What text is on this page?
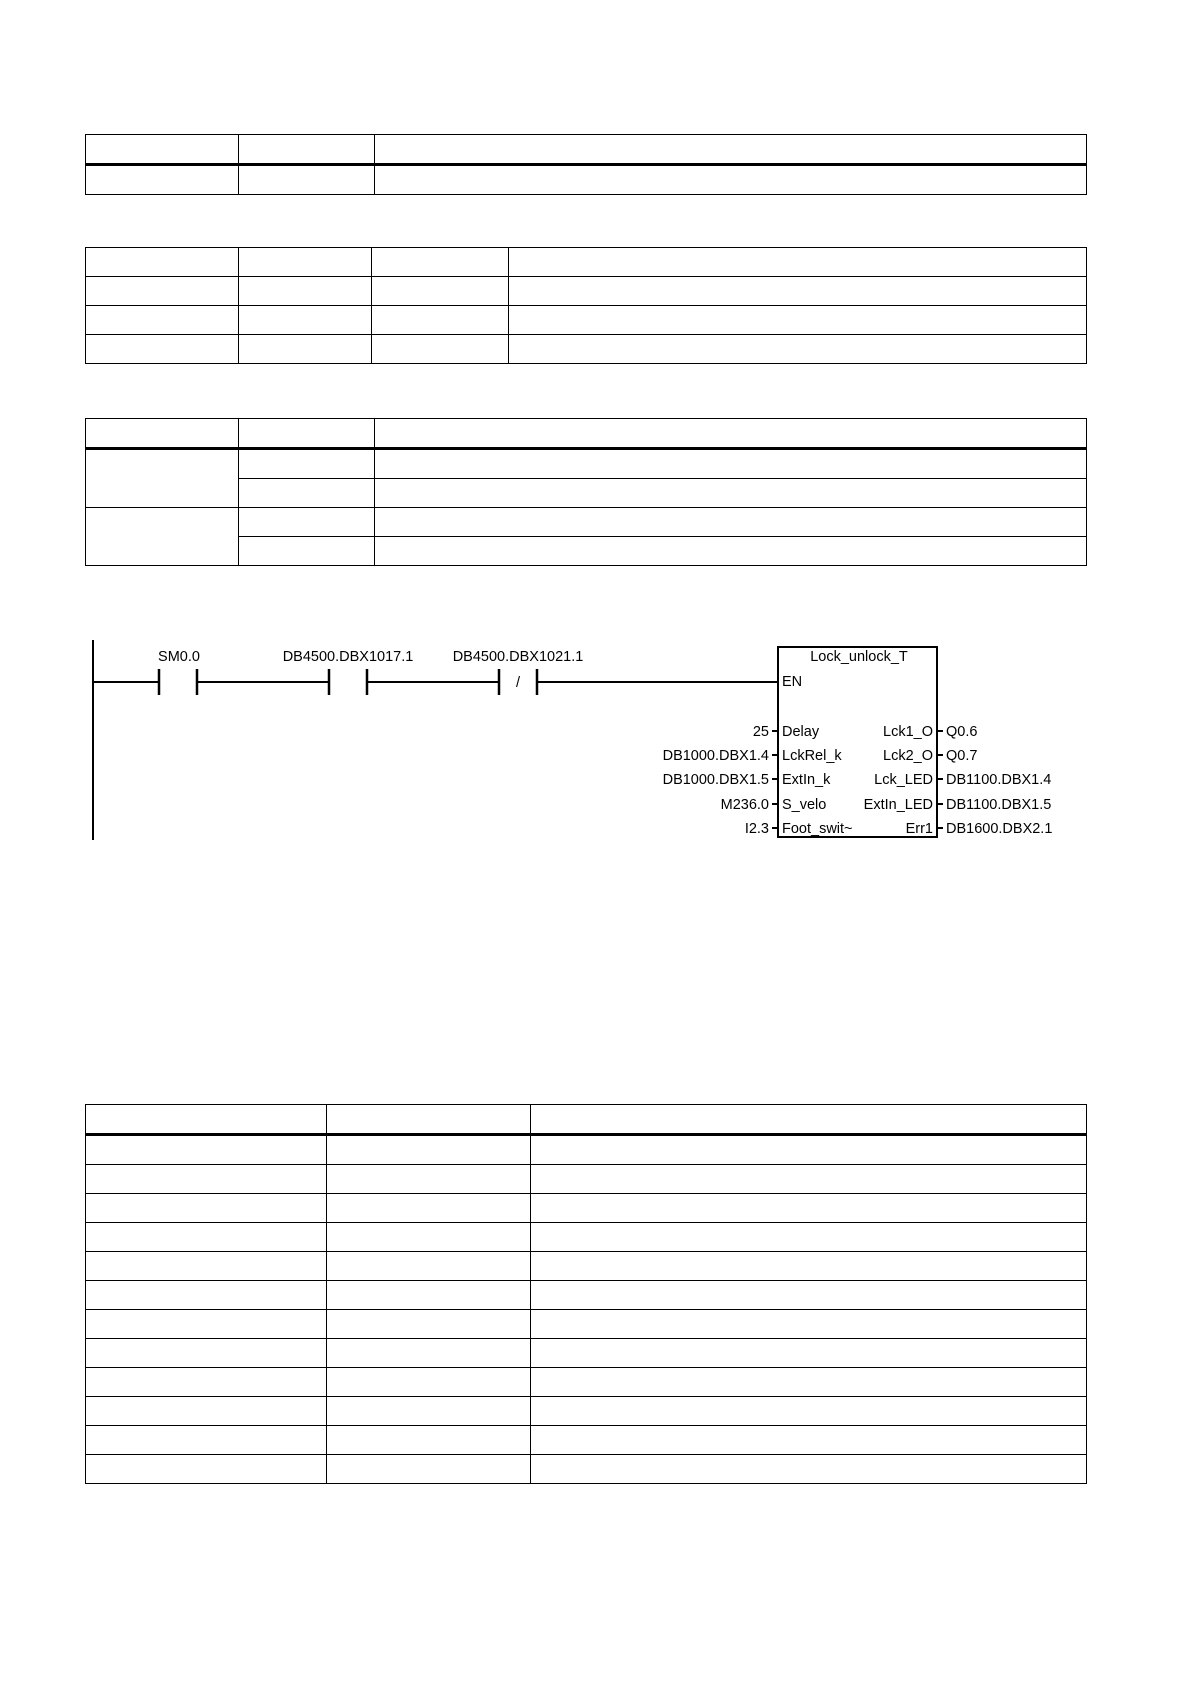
SM0.0	DB4500.DBX1017.1
/
DB4500.DBX1021.1	Lock_unlock_T
EN
25 Delay
DB1000.DBX1.4 LckRel_k
DB1000.DBX1.5 ExtIn_k
M236.0 S_velo
I2.3 Foot_swit~
Lck1_O Q0.6
Lck2_O Q0.7
Lck_LED DB1100.DBX1.4
ExtIn_LED DB1100.DBX1.5
Err1 DB1600.DBX2.1
